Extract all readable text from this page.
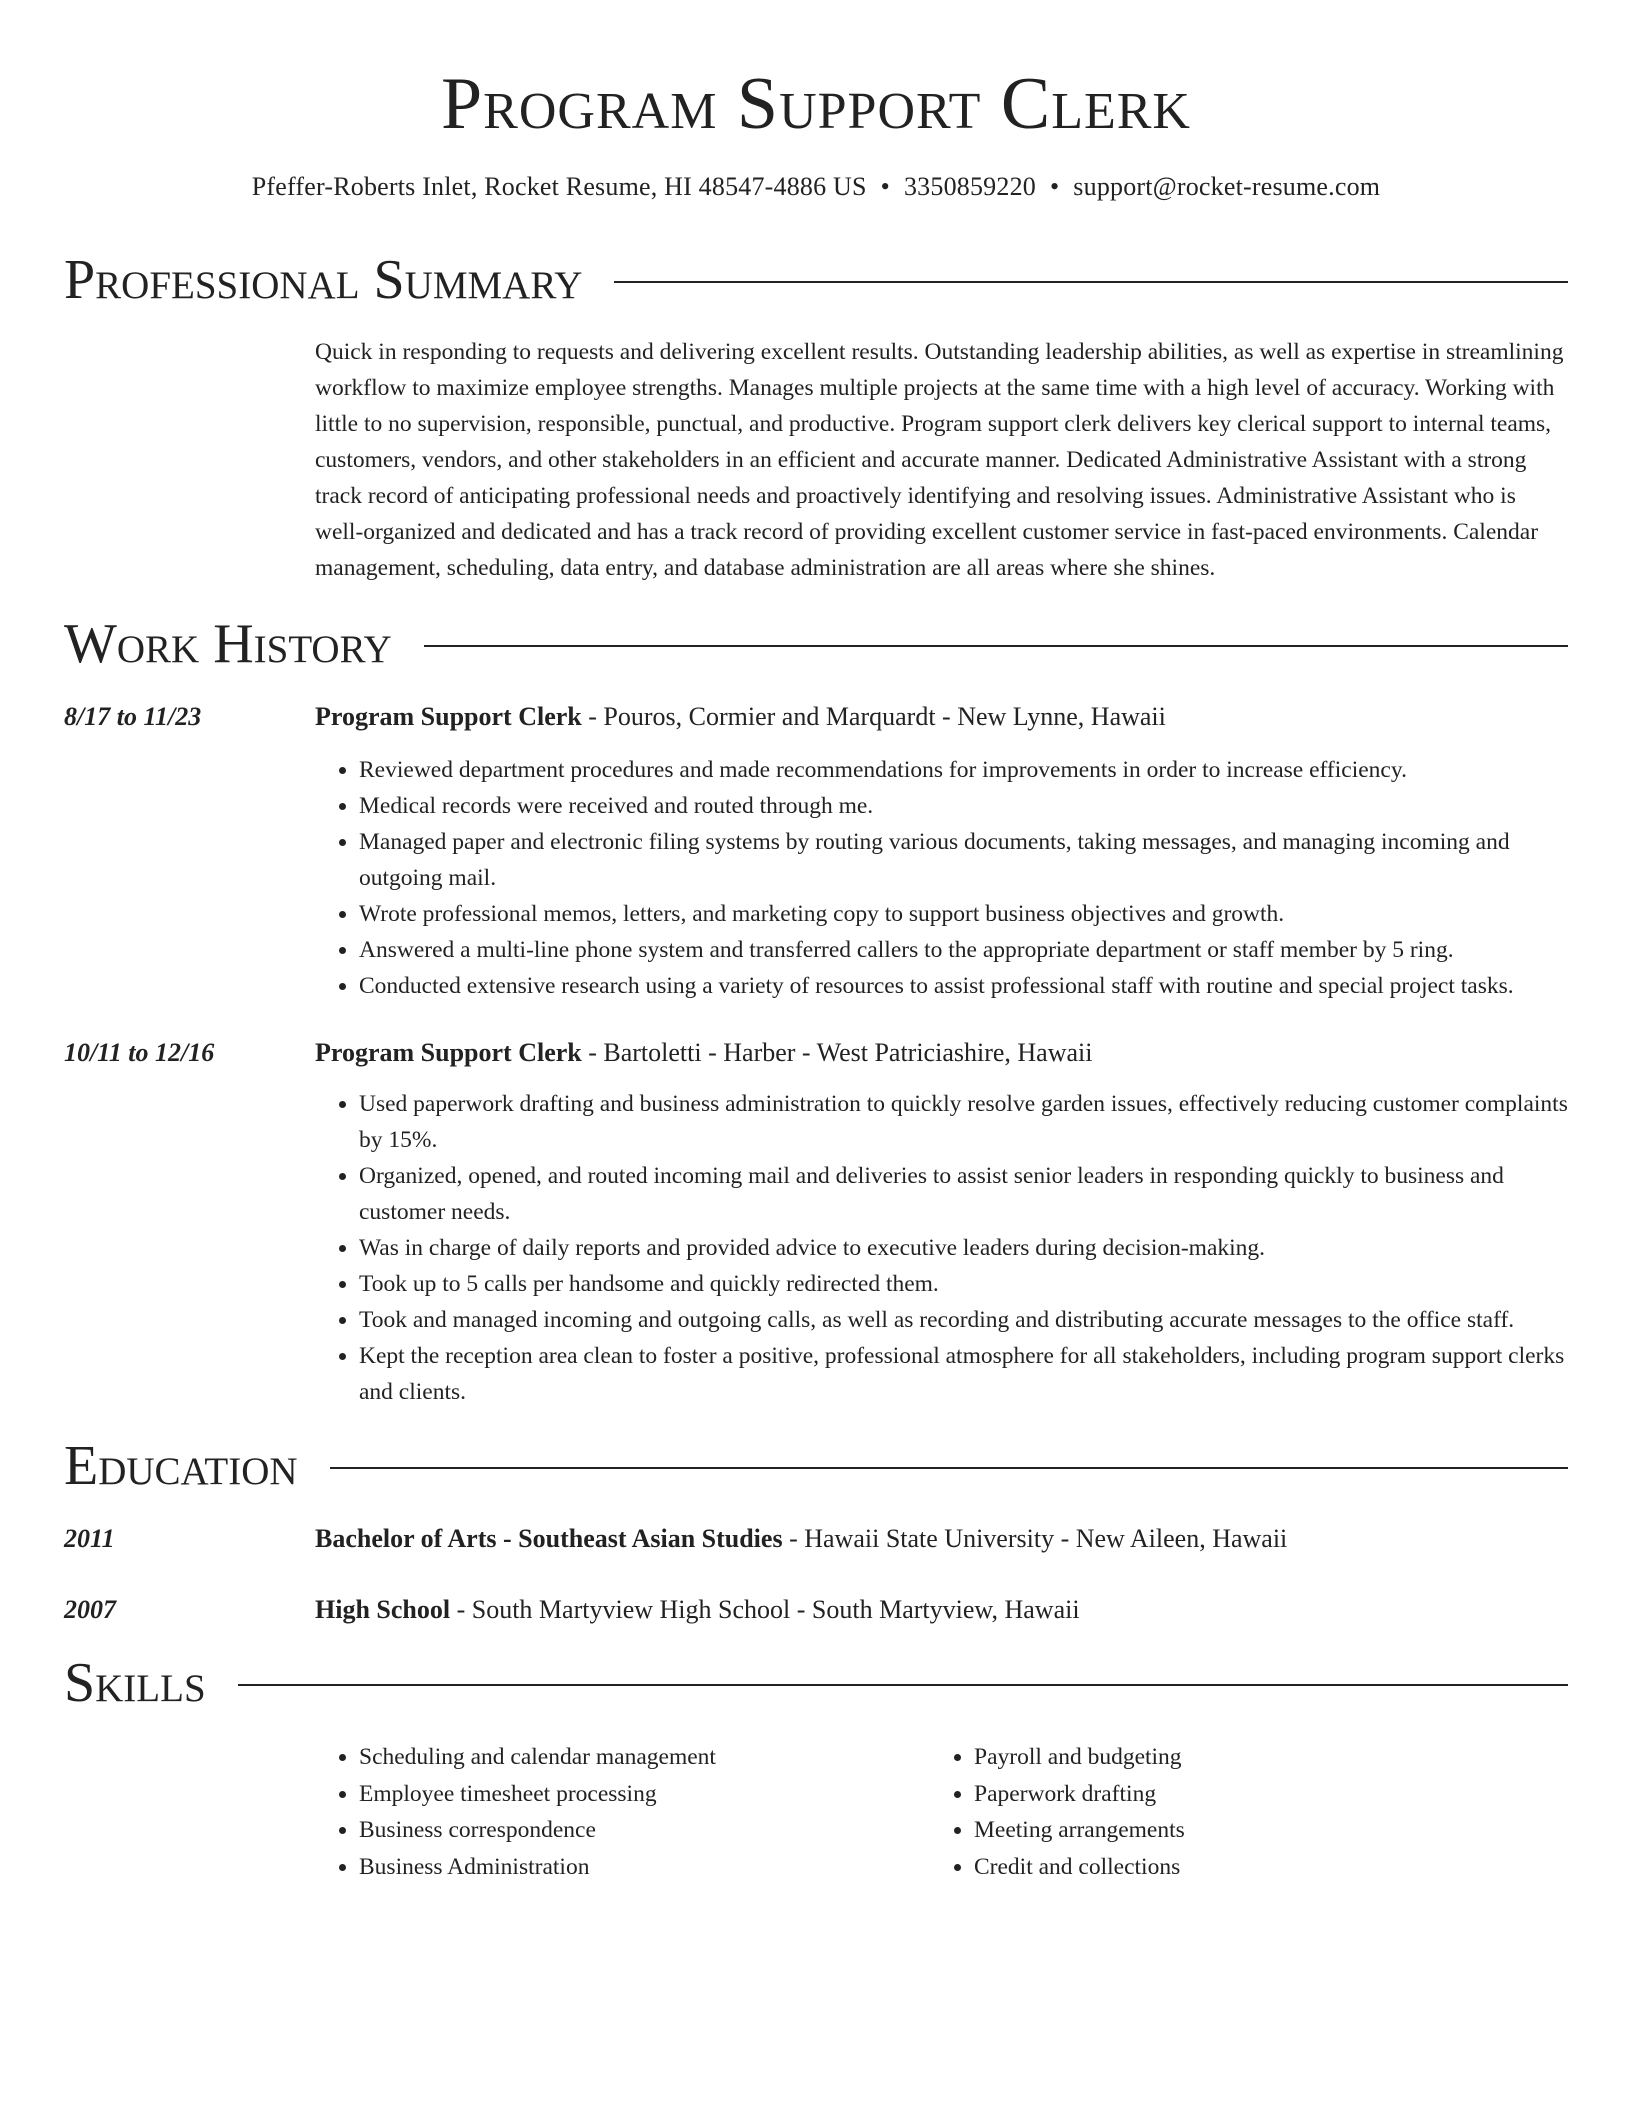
Program Support Clerk
Pfeffer-Roberts Inlet, Rocket Resume, HI 48547-4886 US • 3350859220 • support@rocket-resume.com
Professional Summary
Quick in responding to requests and delivering excellent results. Outstanding leadership abilities, as well as expertise in streamlining workflow to maximize employee strengths. Manages multiple projects at the same time with a high level of accuracy. Working with little to no supervision, responsible, punctual, and productive. Program support clerk delivers key clerical support to internal teams, customers, vendors, and other stakeholders in an efficient and accurate manner. Dedicated Administrative Assistant with a strong track record of anticipating professional needs and proactively identifying and resolving issues. Administrative Assistant who is well-organized and dedicated and has a track record of providing excellent customer service in fast-paced environments. Calendar management, scheduling, data entry, and database administration are all areas where she shines.
Work History
8/17 to 11/23	Program Support Clerk - Pouros, Cormier and Marquardt - New Lynne, Hawaii
• Reviewed department procedures and made recommendations for improvements in order to increase efficiency.
• Medical records were received and routed through me.
• Managed paper and electronic filing systems by routing various documents, taking messages, and managing incoming and outgoing mail.
• Wrote professional memos, letters, and marketing copy to support business objectives and growth.
• Answered a multi-line phone system and transferred callers to the appropriate department or staff member by 5 ring.
• Conducted extensive research using a variety of resources to assist professional staff with routine and special project tasks.
10/11 to 12/16	Program Support Clerk - Bartoletti - Harber - West Patriciashire, Hawaii
• Used paperwork drafting and business administration to quickly resolve garden issues, effectively reducing customer complaints by 15%.
• Organized, opened, and routed incoming mail and deliveries to assist senior leaders in responding quickly to business and customer needs.
• Was in charge of daily reports and provided advice to executive leaders during decision-making.
• Took up to 5 calls per handsome and quickly redirected them.
• Took and managed incoming and outgoing calls, as well as recording and distributing accurate messages to the office staff.
• Kept the reception area clean to foster a positive, professional atmosphere for all stakeholders, including program support clerks and clients.
Education
2011	Bachelor of Arts - Southeast Asian Studies - Hawaii State University - New Aileen, Hawaii
2007	High School - South Martyview High School - South Martyview, Hawaii
Skills
• Scheduling and calendar management
• Employee timesheet processing
• Business correspondence
• Business Administration
• Payroll and budgeting
• Paperwork drafting
• Meeting arrangements
• Credit and collections
